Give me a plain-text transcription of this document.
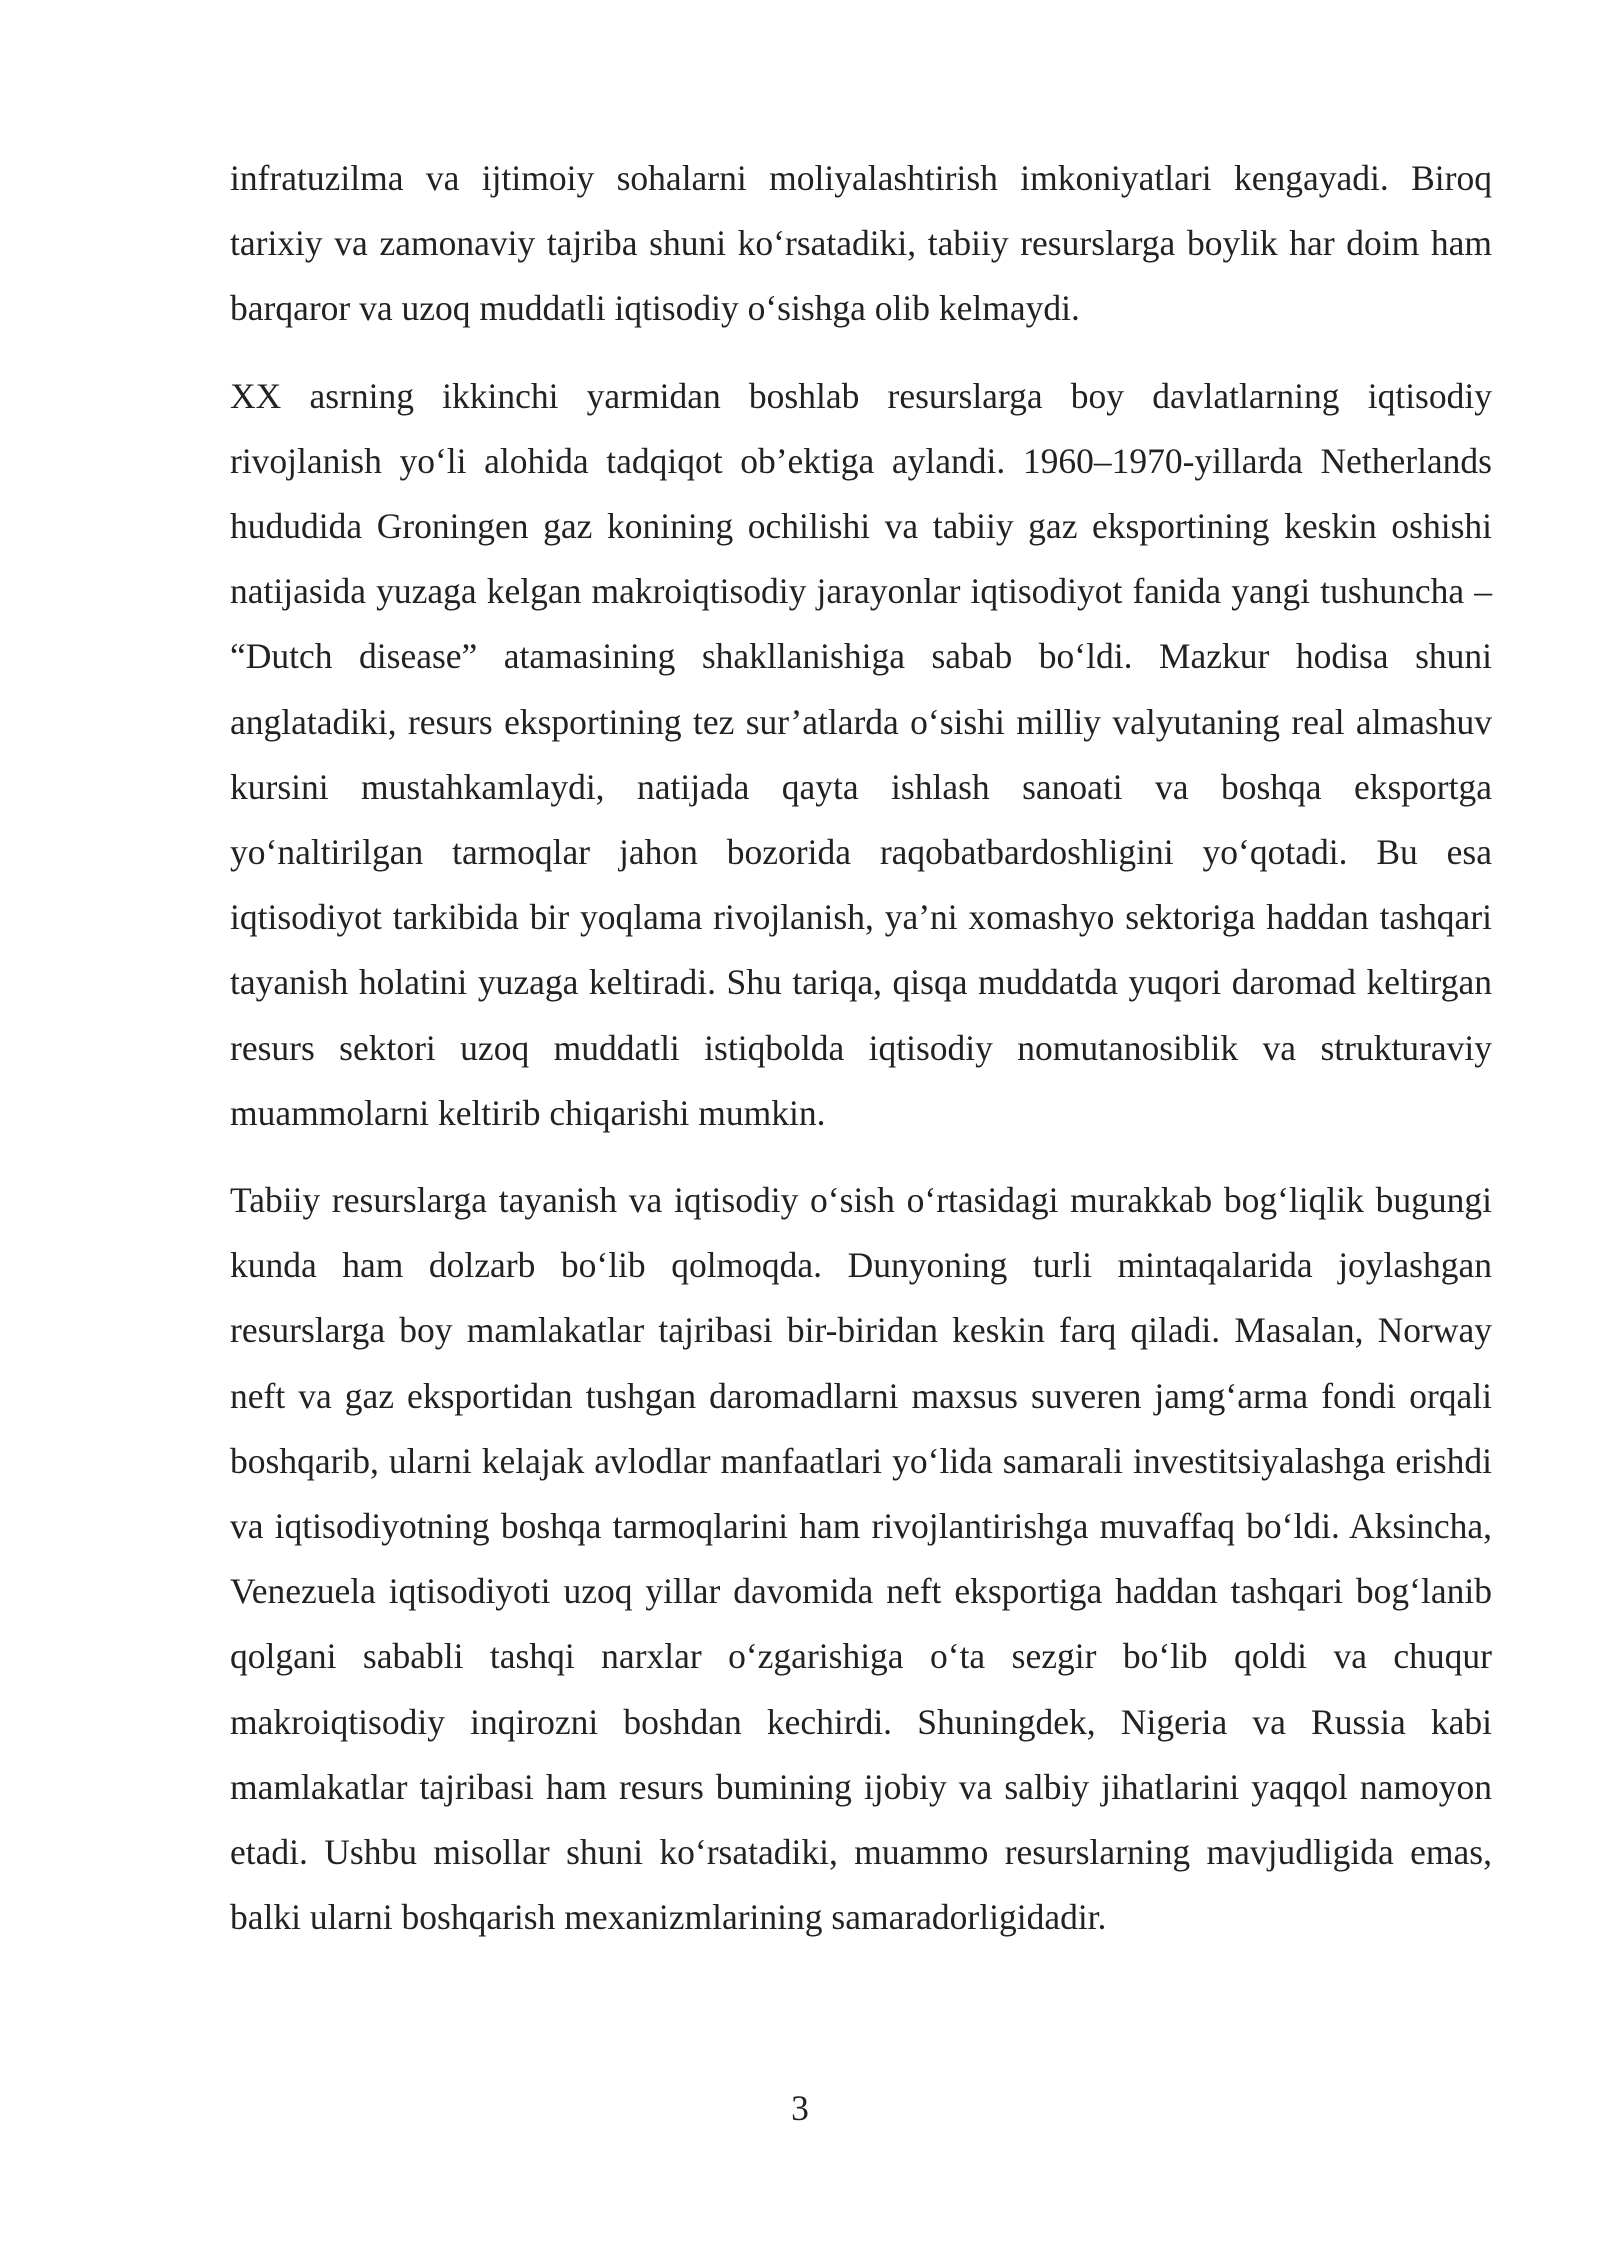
infratuzilma va ijtimoiy sohalarni moliyalashtirish imkoniyatlari kengayadi. Biroq tarixiy va zamonaviy tajriba shuni ko‘rsatadiki, tabiiy resurslarga boylik har doim ham barqaror va uzoq muddatli iqtisodiy o‘sishga olib kelmaydi.

XX asrning ikkinchi yarmidan boshlab resurslarga boy davlatlarning iqtisodiy rivojlanish yo‘li alohida tadqiqot ob’ektiga aylandi. 1960–1970-yillarda Netherlands hududida Groningen gaz konining ochilishi va tabiiy gaz eksportining keskin oshishi natijasida yuzaga kelgan makroiqtisodiy jarayonlar iqtisodiyot fanida yangi tushuncha – “Dutch disease” atamasining shakllanishiga sabab bo‘ldi. Mazkur hodisa shuni anglatadiki, resurs eksportining tez sur’atlarda o‘sishi milliy valyutaning real almashuv kursini mustahkamlaydi, natijada qayta ishlash sanoati va boshqa eksportga yo‘naltirilgan tarmoqlar jahon bozorida raqobatbardoshligini yo‘qotadi. Bu esa iqtisodiyot tarkibida bir yoqlama rivojlanish, ya’ni xomashyo sektoriga haddan tashqari tayanish holatini yuzaga keltiradi. Shu tariqa, qisqa muddatda yuqori daromad keltirgan resurs sektori uzoq muddatli istiqbolda iqtisodiy nomutanosiblik va strukturaviy muammolarni keltirib chiqarishi mumkin.

Tabiiy resurslarga tayanish va iqtisodiy o‘sish o‘rtasidagi murakkab bog‘liqlik bugungi kunda ham dolzarb bo‘lib qolmoqda. Dunyoning turli mintaqalarida joylashgan resurslarga boy mamlakatlar tajribasi bir-biridan keskin farq qiladi. Masalan, Norway neft va gaz eksportidan tushgan daromadlarni maxsus suveren jamg‘arma fondi orqali boshqarib, ularni kelajak avlodlar manfaatlari yo‘lida samarali investitsiyalashga erishdi va iqtisodiyotning boshqa tarmoqlarini ham rivojlantirishga muvaffaq bo‘ldi. Aksincha, Venezuela iqtisodiyoti uzoq yillar davomida neft eksportiga haddan tashqari bog‘lanib qolgani sababli tashqi narxlar o‘zgarishiga o‘ta sezgir bo‘lib qoldi va chuqur makroiqtisodiy inqirozni boshdan kechirdi. Shuningdek, Nigeria va Russia kabi mamlakatlar tajribasi ham resurs bumining ijobiy va salbiy jihatlarini yaqqol namoyon etadi. Ushbu misollar shuni ko‘rsatadiki, muammo resurslarning mavjudligida emas, balki ularni boshqarish mexanizmlarining samaradorligidadir.

3
